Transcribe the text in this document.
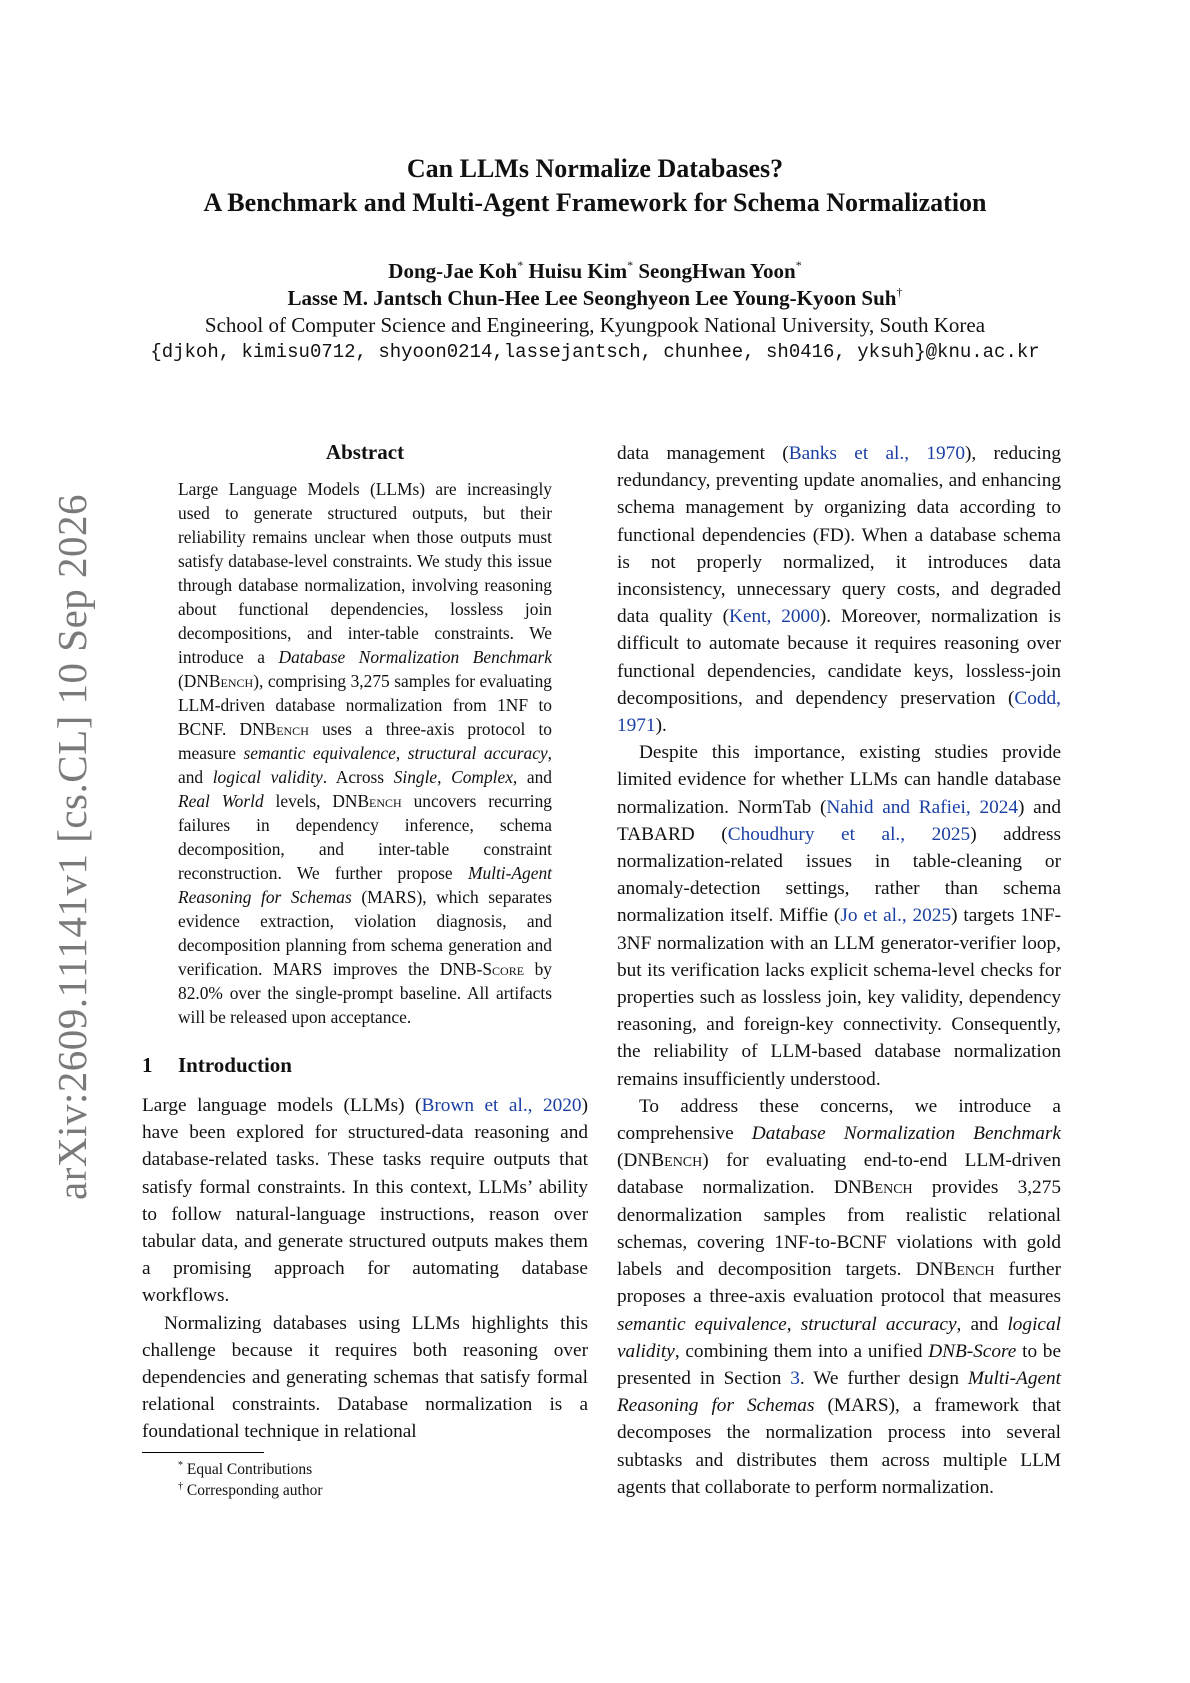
arXiv:2609.11141v1 [cs.CL] 10 Sep 2026
Can LLMs Normalize Databases?
A Benchmark and Multi-Agent Framework for Schema Normalization
Dong-Jae Koh* Huisu Kim* SeongHwan Yoon*
Lasse M. Jantsch Chun-Hee Lee Seonghyeon Lee Young-Kyoon Suh†
School of Computer Science and Engineering, Kyungpook National University, South Korea
{djkoh, kimisu0712, shyoon0214,lassejantsch, chunhee, sh0416, yksuh}@knu.ac.kr
Abstract
Large Language Models (LLMs) are increasingly used to generate structured outputs, but their reliability remains unclear when those outputs must satisfy database-level constraints. We study this issue through database normalization, involving reasoning about functional dependencies, lossless join decompositions, and inter-table constraints. We introduce a Database Normalization Benchmark (DNBench), comprising 3,275 samples for evaluating LLM-driven database normalization from 1NF to BCNF. DNBench uses a three-axis protocol to measure semantic equivalence, structural accuracy, and logical validity. Across Single, Complex, and Real World levels, DNBench uncovers recurring failures in dependency inference, schema decomposition, and inter-table constraint reconstruction. We further propose Multi-Agent Reasoning for Schemas (MARS), which separates evidence extraction, violation diagnosis, and decomposition planning from schema generation and verification. MARS improves the DNB-Score by 82.0% over the single-prompt baseline. All artifacts will be released upon acceptance.
1 Introduction

Large language models (LLMs) (Brown et al., 2020) have been explored for structured-data reasoning and database-related tasks. These tasks require outputs that satisfy formal constraints. In this context, LLMs’ ability to follow natural-language instructions, reason over tabular data, and generate structured outputs makes them a promising approach for automating database workflows.

Normalizing databases using LLMs highlights this challenge because it requires both reasoning over dependencies and generating schemas that satisfy formal relational constraints. Database normalization is a foundational technique in relational

* Equal Contributions
† Corresponding author

data management (Banks et al., 1970), reducing redundancy, preventing update anomalies, and enhancing schema management by organizing data according to functional dependencies (FD). When a database schema is not properly normalized, it introduces data inconsistency, unnecessary query costs, and degraded data quality (Kent, 2000). Moreover, normalization is difficult to automate because it requires reasoning over functional dependencies, candidate keys, lossless-join decompositions, and dependency preservation (Codd, 1971).

Despite this importance, existing studies provide limited evidence for whether LLMs can handle database normalization. NormTab (Nahid and Rafiei, 2024) and TABARD (Choudhury et al., 2025) address normalization-related issues in table-cleaning or anomaly-detection settings, rather than schema normalization itself. Miffie (Jo et al., 2025) targets 1NF-3NF normalization with an LLM generator-verifier loop, but its verification lacks explicit schema-level checks for properties such as lossless join, key validity, dependency reasoning, and foreign-key connectivity. Consequently, the reliability of LLM-based database normalization remains insufficiently understood.

To address these concerns, we introduce a comprehensive Database Normalization Benchmark (DNBench) for evaluating end-to-end LLM-driven database normalization. DNBench provides 3,275 denormalization samples from realistic relational schemas, covering 1NF-to-BCNF violations with gold labels and decomposition targets. DNBench further proposes a three-axis evaluation protocol that measures semantic equivalence, structural accuracy, and logical validity, combining them into a unified DNB-Score to be presented in Section 3. We further design Multi-Agent Reasoning for Schemas (MARS), a framework that decomposes the normalization process into several subtasks and distributes them across multiple LLM agents that collaborate to perform normalization.
